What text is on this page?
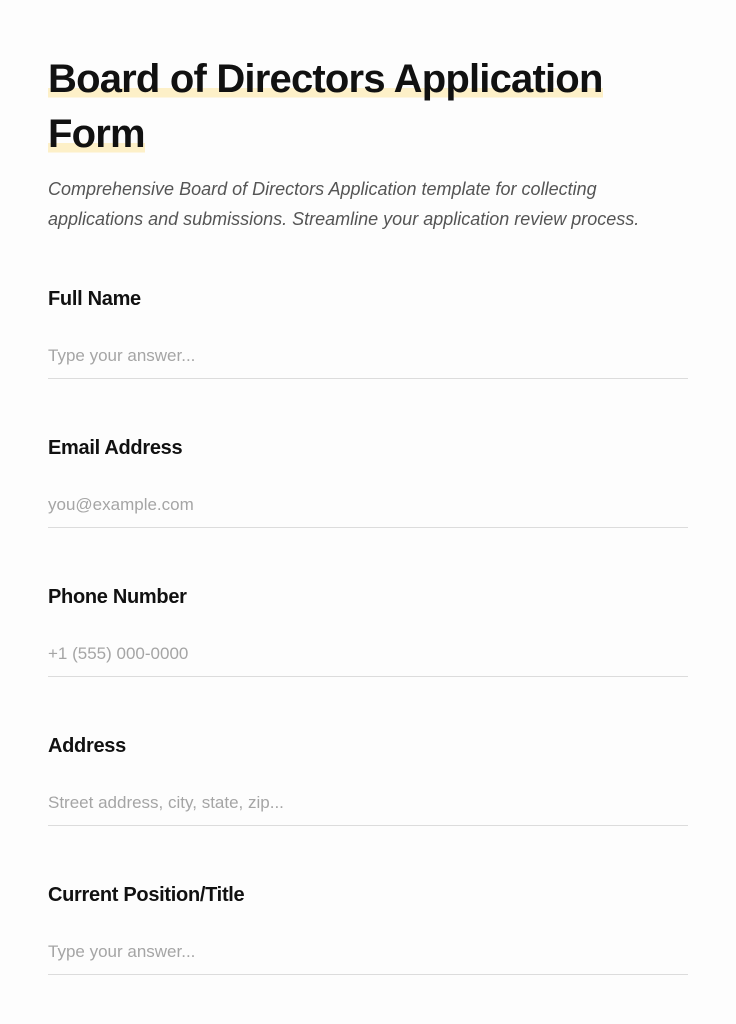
Board of Directors Application Form

Comprehensive Board of Directors Application template for collecting applications and submissions. Streamline your application review process.

Full Name
Type your answer...
Email Address
you@example.com
Phone Number
+1 (555) 000-0000
Address
Street address, city, state, zip...
Current Position/Title
Type your answer...
